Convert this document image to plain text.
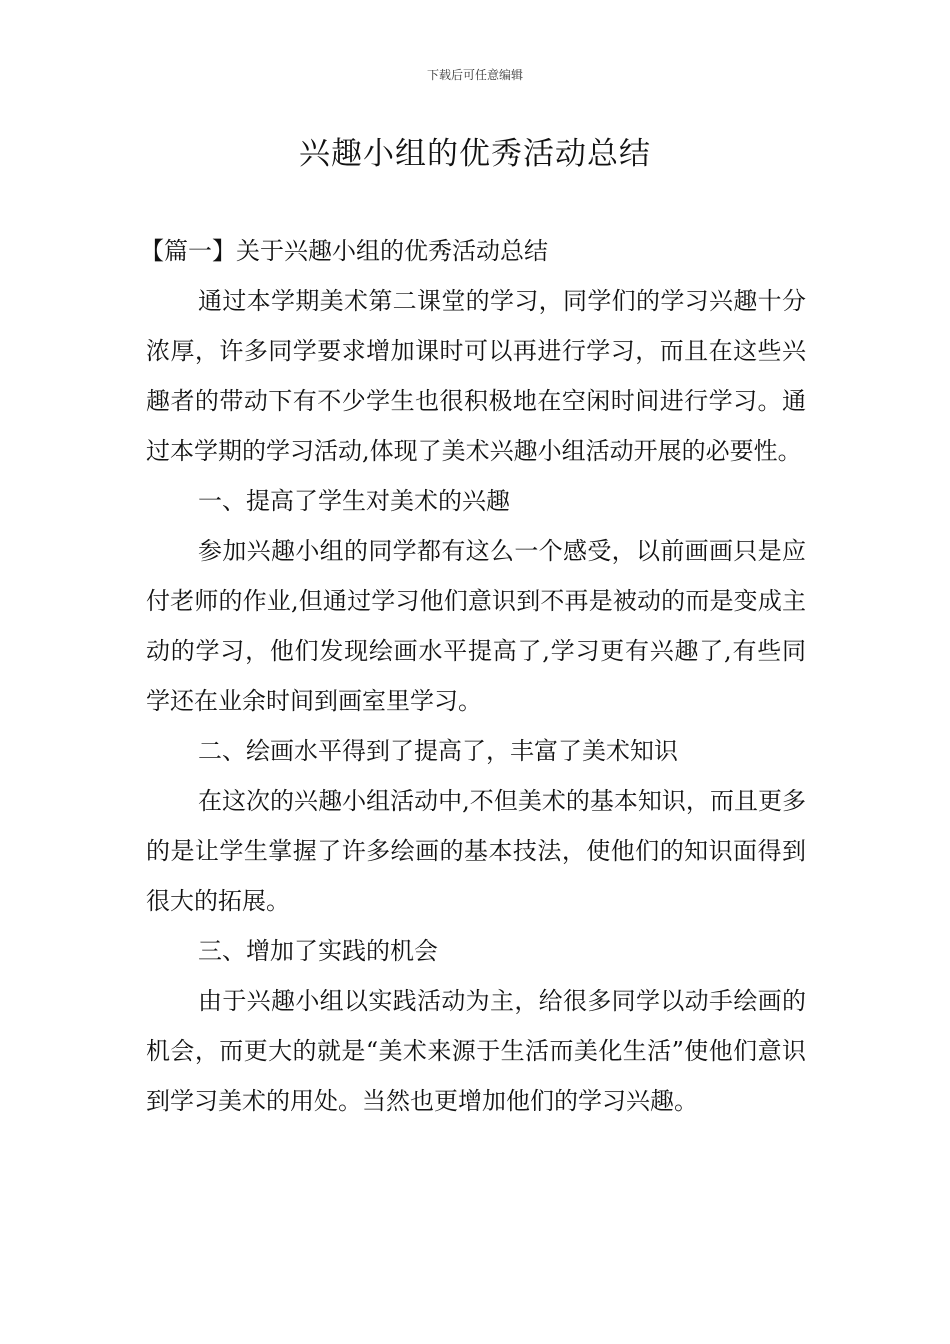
下载后可任意编辑
兴趣小组的优秀活动总结

【篇一】关于兴趣小组的优秀活动总结

通过本学期美术第二课堂的学习，同学们的学习兴趣十分浓厚，许多同学要求增加课时可以再进行学习，而且在这些兴趣者的带动下有不少学生也很积极地在空闲时间进行学习。通过本学期的学习活动,体现了美术兴趣小组活动开展的必要性。

一、提高了学生对美术的兴趣

参加兴趣小组的同学都有这么一个感受，以前画画只是应付老师的作业,但通过学习他们意识到不再是被动的而是变成主动的学习，他们发现绘画水平提高了,学习更有兴趣了,有些同学还在业余时间到画室里学习。

二、绘画水平得到了提高了，丰富了美术知识

在这次的兴趣小组活动中,不但美术的基本知识，而且更多的是让学生掌握了许多绘画的基本技法，使他们的知识面得到很大的拓展。

三、增加了实践的机会

由于兴趣小组以实践活动为主，给很多同学以动手绘画的机会，而更大的就是“美术来源于生活而美化生活”使他们意识到学习美术的用处。当然也更增加他们的学习兴趣。
